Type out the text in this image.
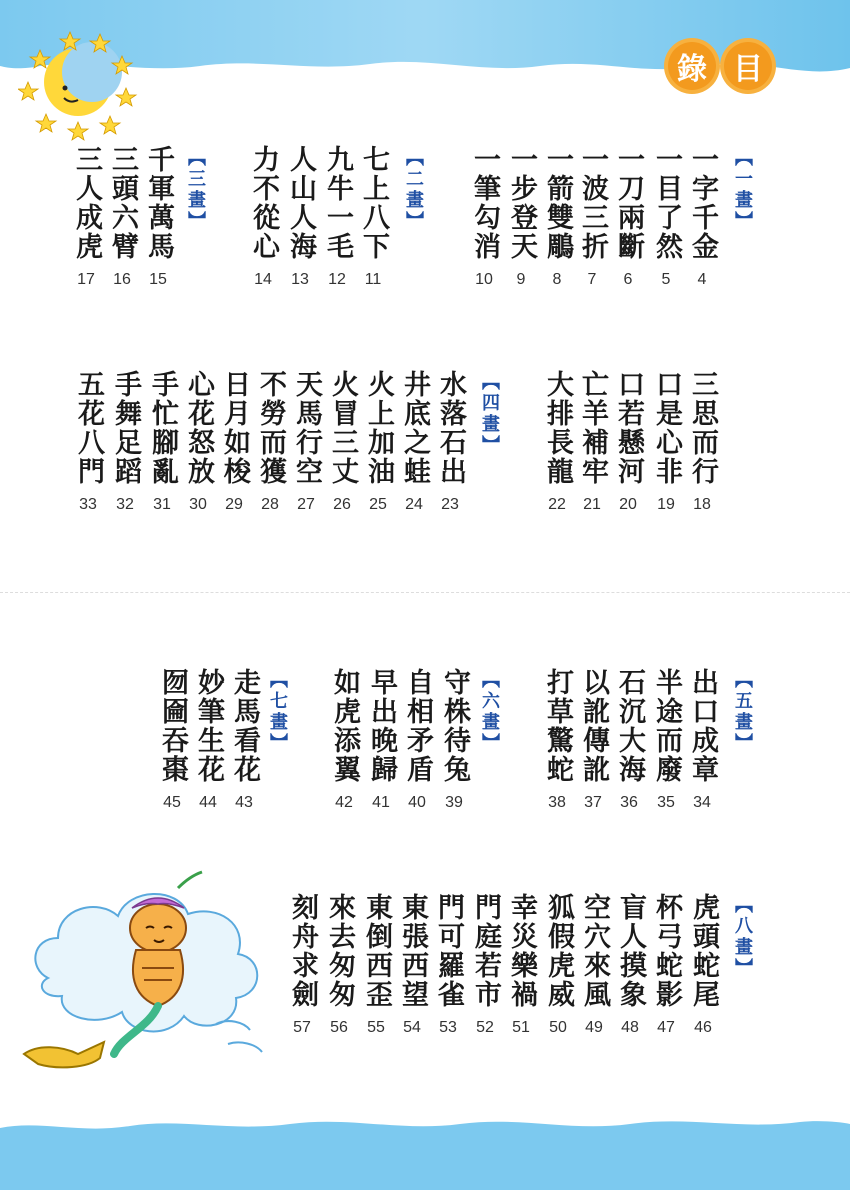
錄 目
【一畫】
【二畫】
【三畫】
【四畫】
【五畫】
【六畫】
【七畫】
【八畫】
一字千金
4
一目了然
5
一刀兩斷
6
一波三折
7
一箭雙鵰
8
一步登天
9
一筆勾消
10
七上八下
11
九牛一毛
12
人山人海
13
力不從心
14
千軍萬馬
15
三頭六臂
16
三人成虎
17
三思而行
18
口是心非
19
口若懸河
20
亡羊補牢
21
大排長龍
22
水落石出
23
井底之蛙
24
火上加油
25
火冒三丈
26
天馬行空
27
不勞而獲
28
日月如梭
29
心花怒放
30
手忙腳亂
31
手舞足蹈
32
五花八門
33
出口成章
34
半途而廢
35
石沉大海
36
以訛傳訛
37
打草驚蛇
38
守株待兔
39
自相矛盾
40
早出晚歸
41
如虎添翼
42
走馬看花
43
妙筆生花
44
囫圇吞棗
45
虎頭蛇尾
46
杯弓蛇影
47
盲人摸象
48
空穴來風
49
狐假虎威
50
幸災樂禍
51
門庭若市
52
門可羅雀
53
東張西望
54
東倒西歪
55
來去匆匆
56
刻舟求劍
57
